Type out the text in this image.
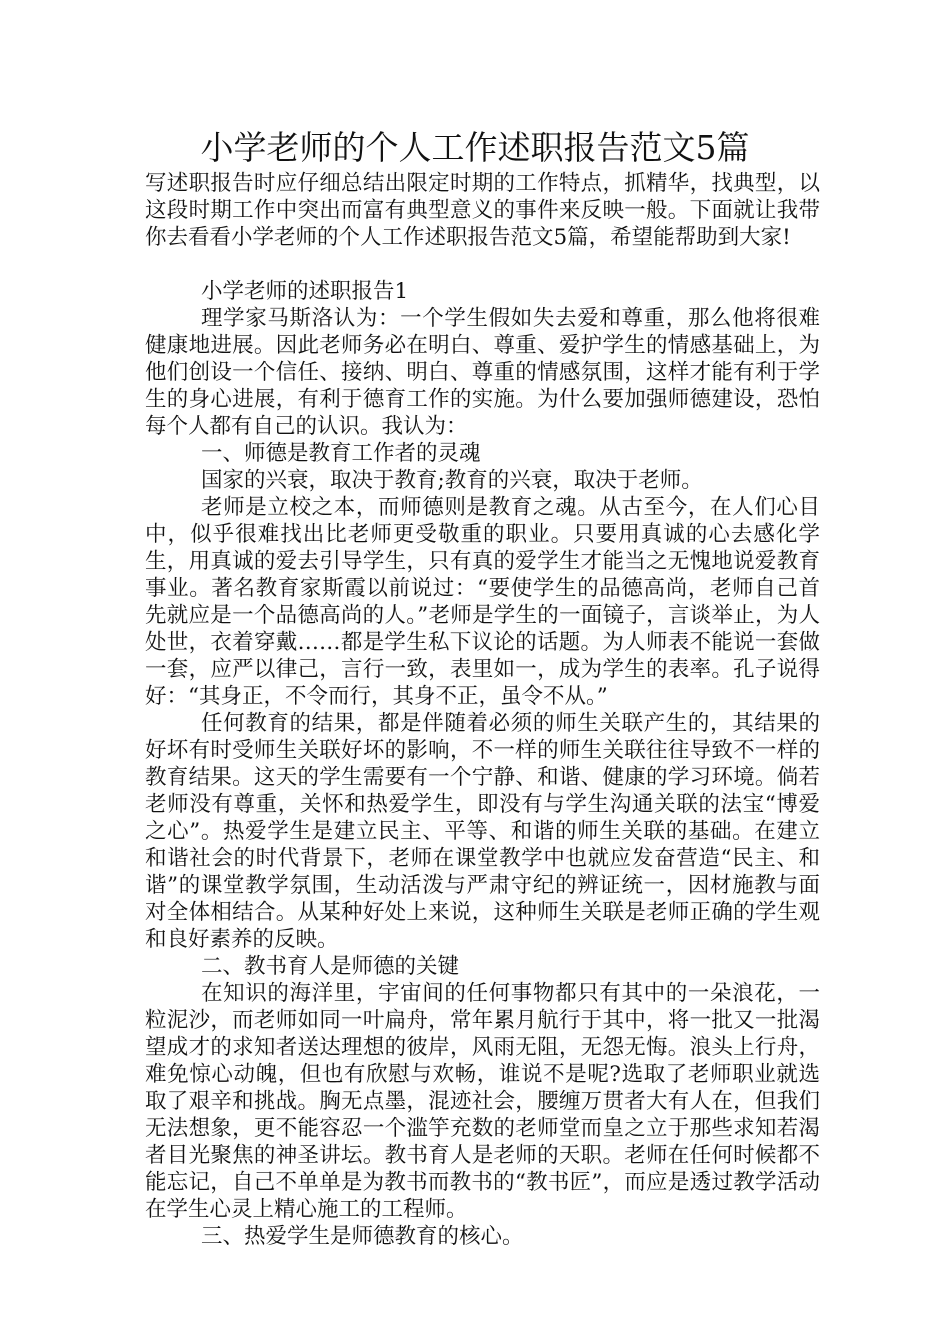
小学老师的个人工作述职报告范文5篇

写述职报告时应仔细总结出限定时期的工作特点，抓精华，找典型，以这段时期工作中突出而富有典型意义的事件来反映一般。下面就让我带你去看看小学老师的个人工作述职报告范文5篇，希望能帮助到大家!

小学老师的述职报告1

理学家马斯洛认为：一个学生假如失去爱和尊重，那么他将很难健康地进展。因此老师务必在明白、尊重、爱护学生的情感基础上，为他们创设一个信任、接纳、明白、尊重的情感氛围，这样才能有利于学生的身心进展，有利于德育工作的实施。为什么要加强师德建设，恐怕每个人都有自己的认识。我认为：

一、师德是教育工作者的灵魂

国家的兴衰，取决于教育;教育的兴衰，取决于老师。

老师是立校之本，而师德则是教育之魂。从古至今，在人们心目中，似乎很难找出比老师更受敬重的职业。只要用真诚的心去感化学生，用真诚的爱去引导学生，只有真的爱学生才能当之无愧地说爱教育事业。著名教育家斯霞以前说过：“要使学生的品德高尚，老师自己首先就应是一个品德高尚的人。”老师是学生的一面镜子，言谈举止，为人处世，衣着穿戴……都是学生私下议论的话题。为人师表不能说一套做一套，应严以律己，言行一致，表里如一，成为学生的表率。孔子说得好：“其身正，不令而行，其身不正，虽令不从。”

任何教育的结果，都是伴随着必须的师生关联产生的，其结果的好坏有时受师生关联好坏的影响，不一样的师生关联往往导致不一样的教育结果。这天的学生需要有一个宁静、和谐、健康的学习环境。倘若老师没有尊重，关怀和热爱学生，即没有与学生沟通关联的法宝“博爱之心”。热爱学生是建立民主、平等、和谐的师生关联的基础。在建立和谐社会的时代背景下，老师在课堂教学中也就应发奋营造“民主、和谐”的课堂教学氛围，生动活泼与严肃守纪的辨证统一，因材施教与面对全体相结合。从某种好处上来说，这种师生关联是老师正确的学生观和良好素养的反映。

二、教书育人是师德的关键

在知识的海洋里，宇宙间的任何事物都只有其中的一朵浪花，一粒泥沙，而老师如同一叶扁舟，常年累月航行于其中，将一批又一批渴望成才的求知者送达理想的彼岸，风雨无阻，无怨无悔。浪头上行舟，难免惊心动魄，但也有欣慰与欢畅，谁说不是呢?选取了老师职业就选取了艰辛和挑战。胸无点墨，混迹社会，腰缠万贯者大有人在，但我们无法想象，更不能容忍一个滥竽充数的老师堂而皇之立于那些求知若渴者目光聚焦的神圣讲坛。教书育人是老师的天职。老师在任何时候都不能忘记，自己不单单是为教书而教书的“教书匠”，而应是透过教学活动在学生心灵上精心施工的工程师。

三、热爱学生是师德教育的核心。
